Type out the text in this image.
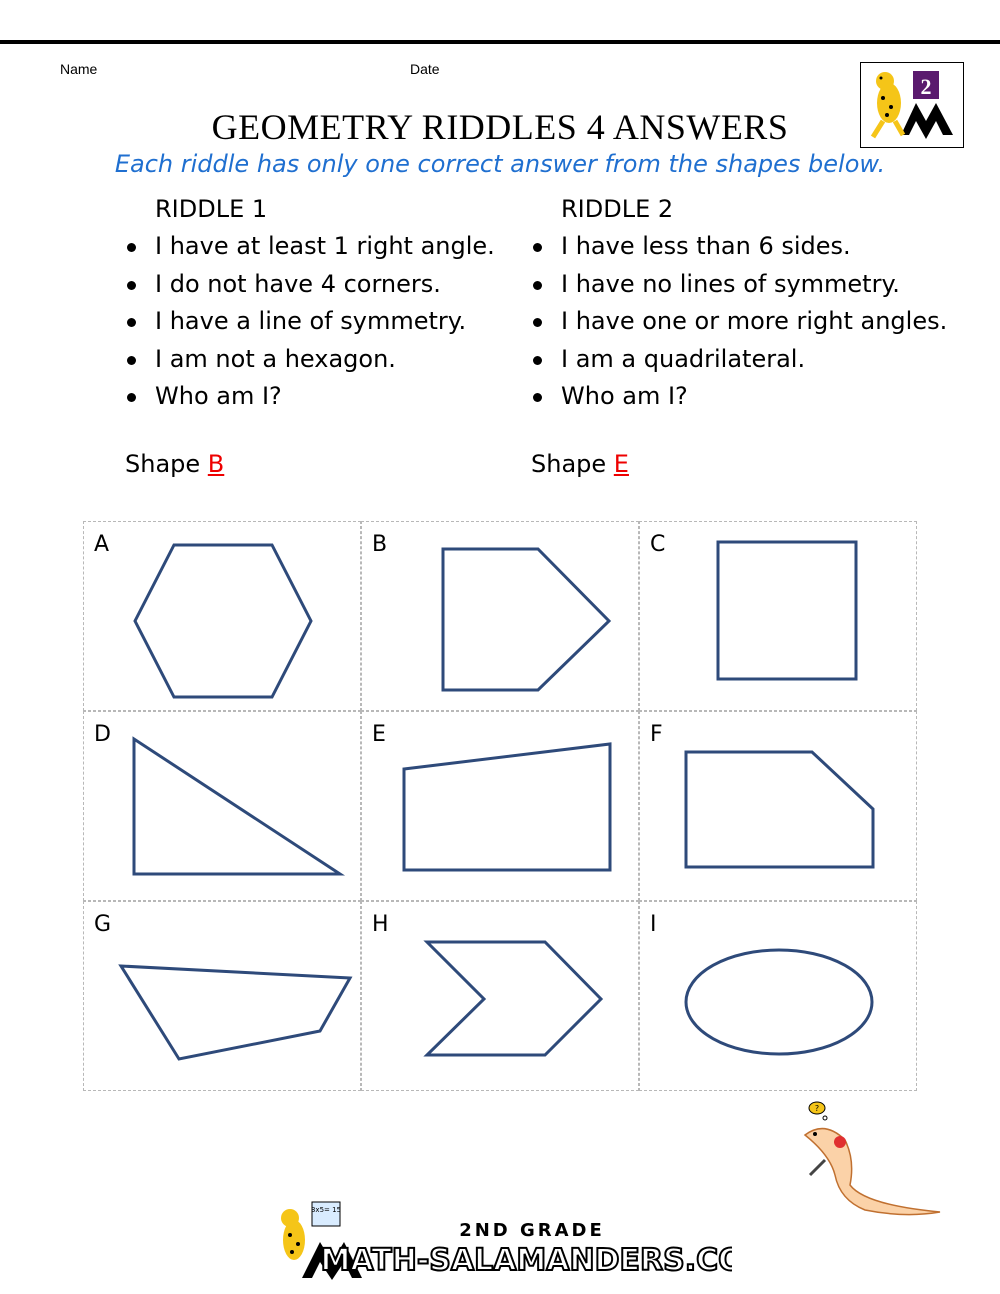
Name	Date
2
GEOMETRY RIDDLES 4 ANSWERS
Each riddle has only one correct answer from the shapes below.
RIDDLE 1
I have at least 1 right angle.
I do not have 4 corners.
I have a line of symmetry.
I am not a hexagon.
Who am I?
Shape B
RIDDLE 2
I have less than 6 sides.
I have no lines of symmetry.
I have one or more right angles.
I am a quadrilateral.
Who am I?
Shape E
A	B	C
D	E	F
G	H	I
?
3x5= 15
2ND GRADE
MATH-SALAMANDERS.COM
